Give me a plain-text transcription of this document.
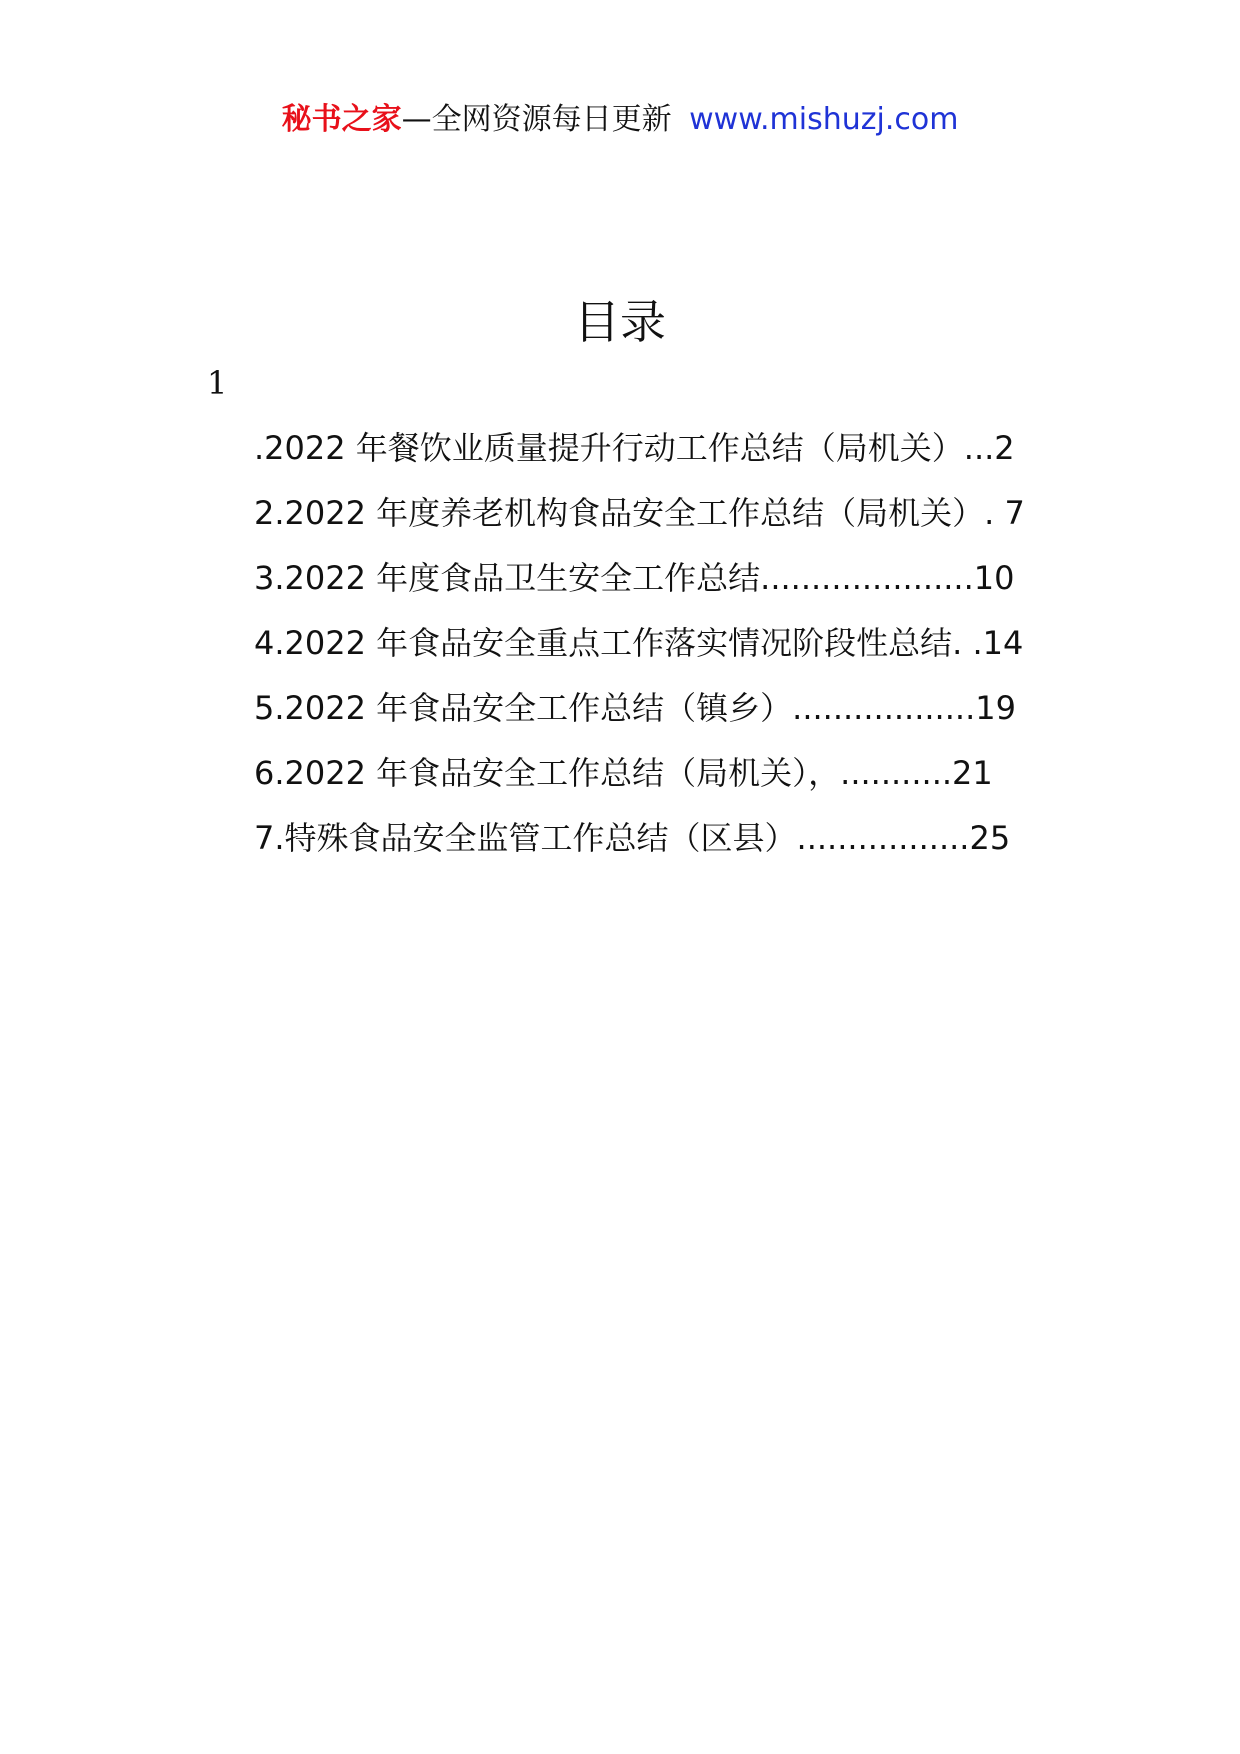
秘书之家—全网资源每日更新 www.mishuzj.com
目录
1
.2022 年餐饮业质量提升行动工作总结（局机关）...2
2.2022 年度养老机构食品安全工作总结（局机关）. 7
3.2022 年度食品卫生安全工作总结.....................10
4.2022 年食品安全重点工作落实情况阶段性总结. .14
5.2022 年食品安全工作总结（镇乡）..................19
6.2022 年食品安全工作总结（局机关），...........21
7.特殊食品安全监管工作总结（区县）.................25
